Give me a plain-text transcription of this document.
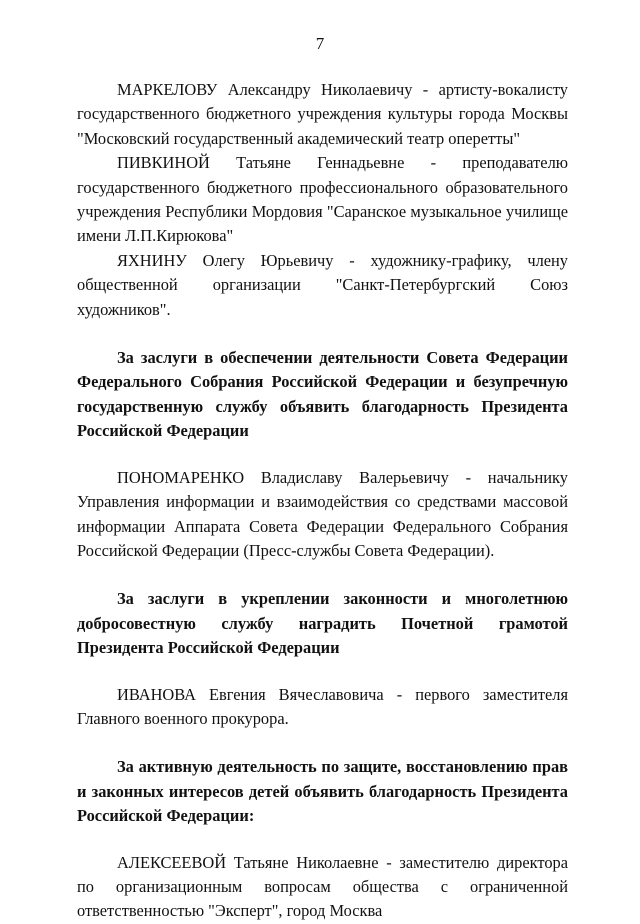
7

МАРКЕЛОВУ Александру Николаевичу - артисту-вокалисту государственного бюджетного учреждения культуры города Москвы "Московский государственный академический театр оперетты"

ПИВКИНОЙ Татьяне Геннадьевне - преподавателю государственного бюджетного профессионального образовательного учреждения Республики Мордовия "Саранское музыкальное училище имени Л.П.Кирюкова"

ЯХНИНУ Олегу Юрьевичу - художнику-графику, члену общественной организации "Санкт-Петербургский Союз художников".

За заслуги в обеспечении деятельности Совета Федерации Федерального Собрания Российской Федерации и безупречную государственную службу объявить благодарность Президента Российской Федерации

ПОНОМАРЕНКО Владиславу Валерьевичу - начальнику Управления информации и взаимодействия со средствами массовой информации Аппарата Совета Федерации Федерального Собрания Российской Федерации (Пресс-службы Совета Федерации).

За заслуги в укреплении законности и многолетнюю добросовестную службу наградить Почетной грамотой Президента Российской Федерации

ИВАНОВА Евгения Вячеславовича - первого заместителя Главного военного прокурора.

За активную деятельность по защите, восстановлению прав и законных интересов детей объявить благодарность Президента Российской Федерации:

АЛЕКСЕЕВОЙ Татьяне Николаевне - заместителю директора по организационным вопросам общества с ограниченной ответственностью "Эксперт", город Москва
